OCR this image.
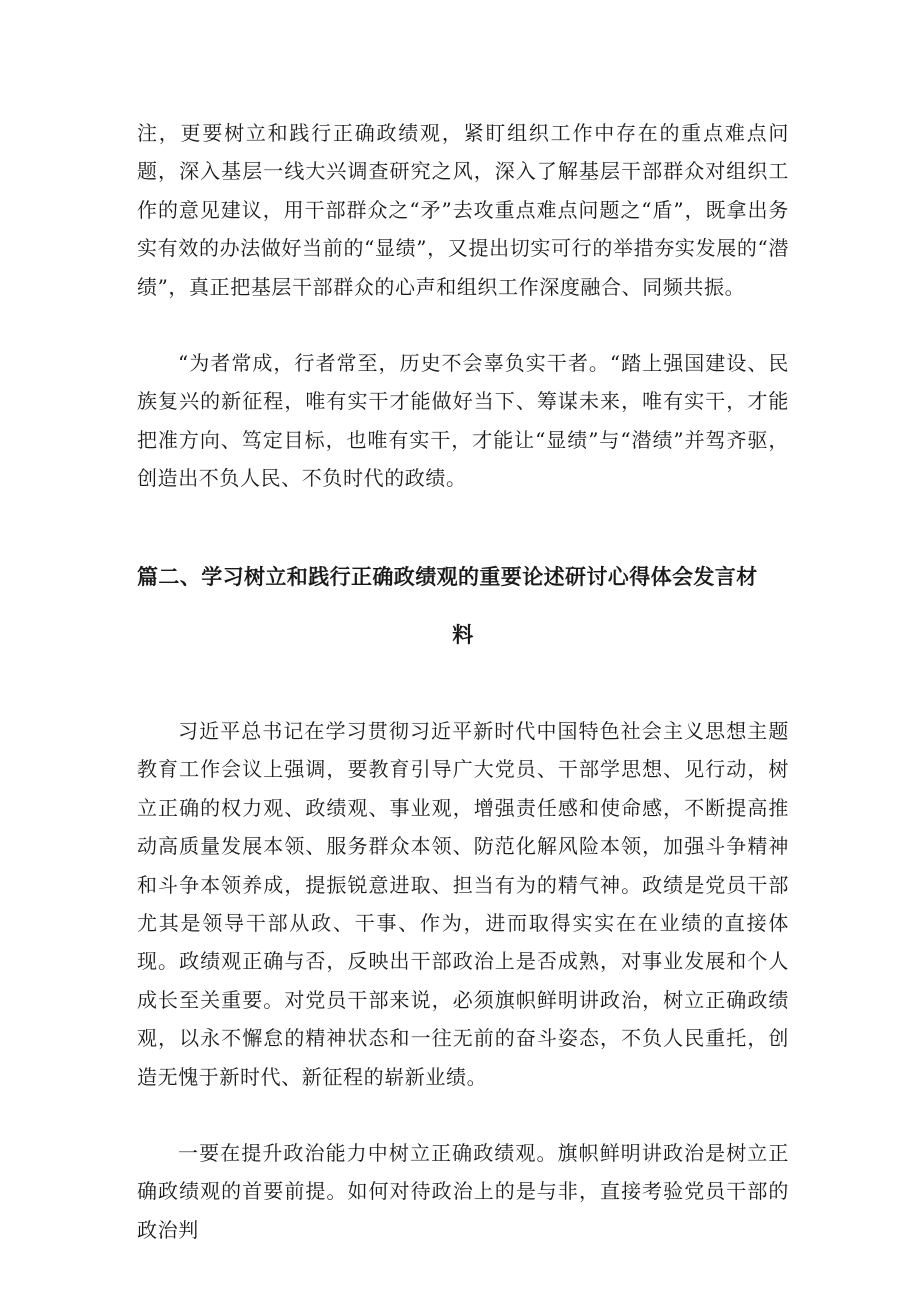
注，更要树立和践行正确政绩观，紧盯组织工作中存在的重点难点问题，深入基层一线大兴调查研究之风，深入了解基层干部群众对组织工作的意见建议，用干部群众之“矛”去攻重点难点问题之“盾”，既拿出务实有效的办法做好当前的“显绩”，又提出切实可行的举措夯实发展的“潜绩”，真正把基层干部群众的心声和组织工作深度融合、同频共振。

“为者常成，行者常至，历史不会辜负实干者。“踏上强国建设、民族复兴的新征程，唯有实干才能做好当下、筹谋未来，唯有实干，才能把准方向、笃定目标，也唯有实干，才能让“显绩”与“潜绩”并驾齐驱，创造出不负人民、不负时代的政绩。

篇二、学习树立和践行正确政绩观的重要论述研讨心得体会发言材
料

习近平总书记在学习贯彻习近平新时代中国特色社会主义思想主题教育工作会议上强调，要教育引导广大党员、干部学思想、见行动，树立正确的权力观、政绩观、事业观，增强责任感和使命感，不断提高推动高质量发展本领、服务群众本领、防范化解风险本领，加强斗争精神和斗争本领养成，提振锐意进取、担当有为的精气神。政绩是党员干部尤其是领导干部从政、干事、作为，进而取得实实在在业绩的直接体现。政绩观正确与否，反映出干部政治上是否成熟，对事业发展和个人成长至关重要。对党员干部来说，必须旗帜鲜明讲政治，树立正确政绩观，以永不懈怠的精神状态和一往无前的奋斗姿态，不负人民重托，创造无愧于新时代、新征程的崭新业绩。

一要在提升政治能力中树立正确政绩观。旗帜鲜明讲政治是树立正确政绩观的首要前提。如何对待政治上的是与非，直接考验党员干部的政治判
